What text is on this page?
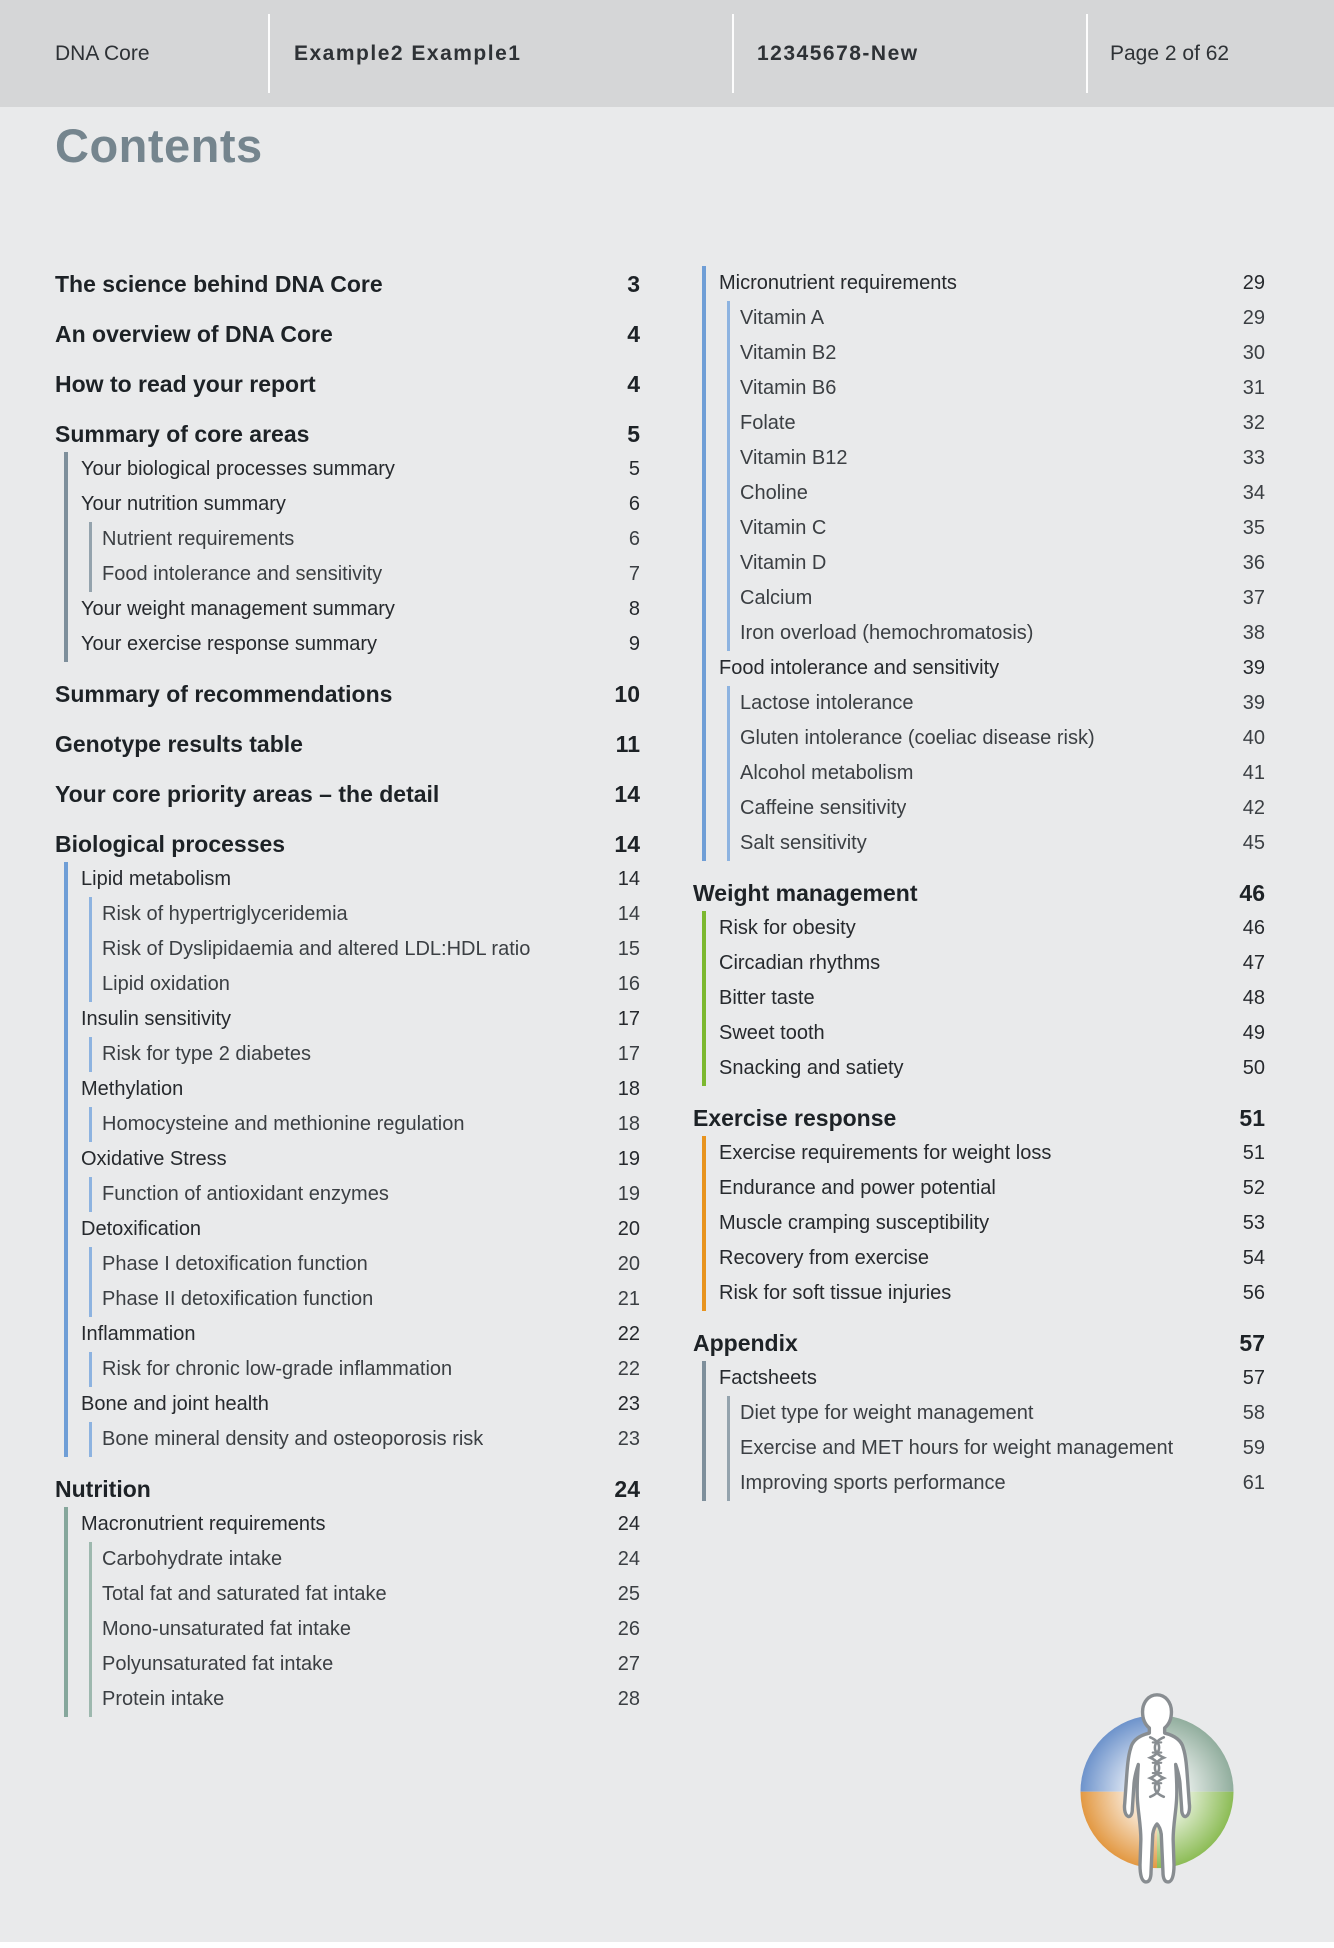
DNA Core	Example2 Example1	12345678-New	Page 2 of 62
Contents
The science behind DNA Core	3
An overview of DNA Core	4
How to read your report	4
Summary of core areas	5
Your biological processes summary	5
Your nutrition summary	6
Nutrient requirements	6
Food intolerance and sensitivity	7
Your weight management summary	8
Your exercise response summary	9
Summary of recommendations	10
Genotype results table	11
Your core priority areas – the detail	14
Biological processes	14
Lipid metabolism	14
Risk of hypertriglyceridemia	14
Risk of Dyslipidaemia and altered LDL:HDL ratio	15
Lipid oxidation	16
Insulin sensitivity	17
Risk for type 2 diabetes	17
Methylation	18
Homocysteine and methionine regulation	18
Oxidative Stress	19
Function of antioxidant enzymes	19
Detoxification	20
Phase I detoxification function	20
Phase II detoxification function	21
Inflammation	22
Risk for chronic low-grade inflammation	22
Bone and joint health	23
Bone mineral density and osteoporosis risk	23
Nutrition	24
Macronutrient requirements	24
Carbohydrate intake	24
Total fat and saturated fat intake	25
Mono-unsaturated fat intake	26
Polyunsaturated fat intake	27
Protein intake	28
Micronutrient requirements	29
Vitamin A	29
Vitamin B2	30
Vitamin B6	31
Folate	32
Vitamin B12	33
Choline	34
Vitamin C	35
Vitamin D	36
Calcium	37
Iron overload (hemochromatosis)	38
Food intolerance and sensitivity	39
Lactose intolerance	39
Gluten intolerance (coeliac disease risk)	40
Alcohol metabolism	41
Caffeine sensitivity	42
Salt sensitivity	45
Weight management	46
Risk for obesity	46
Circadian rhythms	47
Bitter taste	48
Sweet tooth	49
Snacking and satiety	50
Exercise response	51
Exercise requirements for weight loss	51
Endurance and power potential	52
Muscle cramping susceptibility	53
Recovery from exercise	54
Risk for soft tissue injuries	56
Appendix	57
Factsheets	57
Diet type for weight management	58
Exercise and MET hours for weight management	59
Improving sports performance	61
